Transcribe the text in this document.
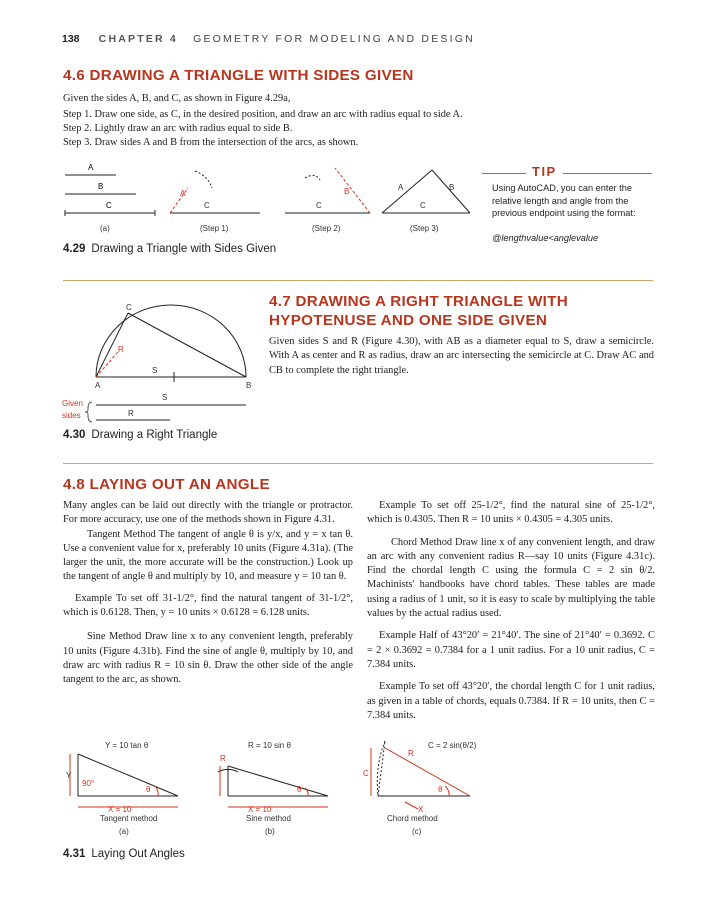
138 CHAPTER 4 GEOMETRY FOR MODELING AND DESIGN
4.6 DRAWING A TRIANGLE WITH SIDES GIVEN
Given the sides A, B, and C, as shown in Figure 4.29a,
Step 1. Draw one side, as C, in the desired position, and draw an arc with radius equal to side A.
Step 2. Lightly draw an arc with radius equal to side B.
Step 3. Draw sides A and B from the intersection of the arcs, as shown.
A
B
C
A
C
B
C
A	B
C
(a)	(Step 1)	(Step 2)	(Step 3)
TIP
Using AutoCAD, you can enter the relative length and angle from the previous endpoint using the format:
@lengthvalue<anglevalue
4.29 Drawing a Triangle with Sides Given
C
R
S
A	B
S
R
Given
sides
4.30 Drawing a Right Triangle
4.7 DRAWING A RIGHT TRIANGLE WITH
HYPOTENUSE AND ONE SIDE GIVEN
Given sides S and R (Figure 4.30), with AB as a diameter equal to S, draw a semicircle. With A as center and R as radius, draw an arc intersecting the semicircle at C. Draw AC and CB to complete the right triangle.
4.8 LAYING OUT AN ANGLE

Many angles can be laid out directly with the triangle or protractor. For more accuracy, use one of the methods shown in Figure 4.31.

Tangent Method The tangent of angle θ is y/x, and y = x tan θ. Use a convenient value for x, preferably 10 units (Figure 4.31a). (The larger the unit, the more accurate will be the construction.) Look up the tangent of angle θ and multiply by 10, and measure y = 10 tan θ.

Example To set off 31-1/2°, find the natural tangent of 31-1/2°, which is 0.6128. Then, y = 10 units × 0.6128 = 6.128 units.

Sine Method Draw line x to any convenient length, preferably 10 units (Figure 4.31b). Find the sine of angle θ, multiply by 10, and draw arc with radius R = 10 sin θ. Draw the other side of the angle tangent to the arc, as shown.

Example To set off 25-1/2°, find the natural sine of 25-1/2°, which is 0.4305. Then R = 10 units × 0.4305 = 4.305 units.

Chord Method Draw line x of any convenient length, and draw an arc with any convenient radius R—say 10 units (Figure 4.31c). Find the chordal length C using the formula C = 2 sin θ/2. Machinists' handbooks have chord tables. These tables are made using a radius of 1 unit, so it is easy to scale by multiplying the table values by the actual radius used.

Example Half of 43°20′ = 21°40′. The sine of 21°40′ = 0.3692. C = 2 × 0.3692 = 0.7384 for a 1 unit radius. For a 10 unit radius, C = 7.384 units.

Example To set off 43°20′, the chordal length C for 1 unit radius, as given in a table of chords, equals 0.7384. If R = 10 units, then C = 7.384 units.

Y = 10 tan θ
Y
90°
θ
X = 10
Tangent method
(a)
R = 10 sin θ
R
θ
X = 10
Sine method
(b)
C = 2 sin(θ/2)
R
C
θ
X
Chord method
(c)
4.31 Laying Out Angles
